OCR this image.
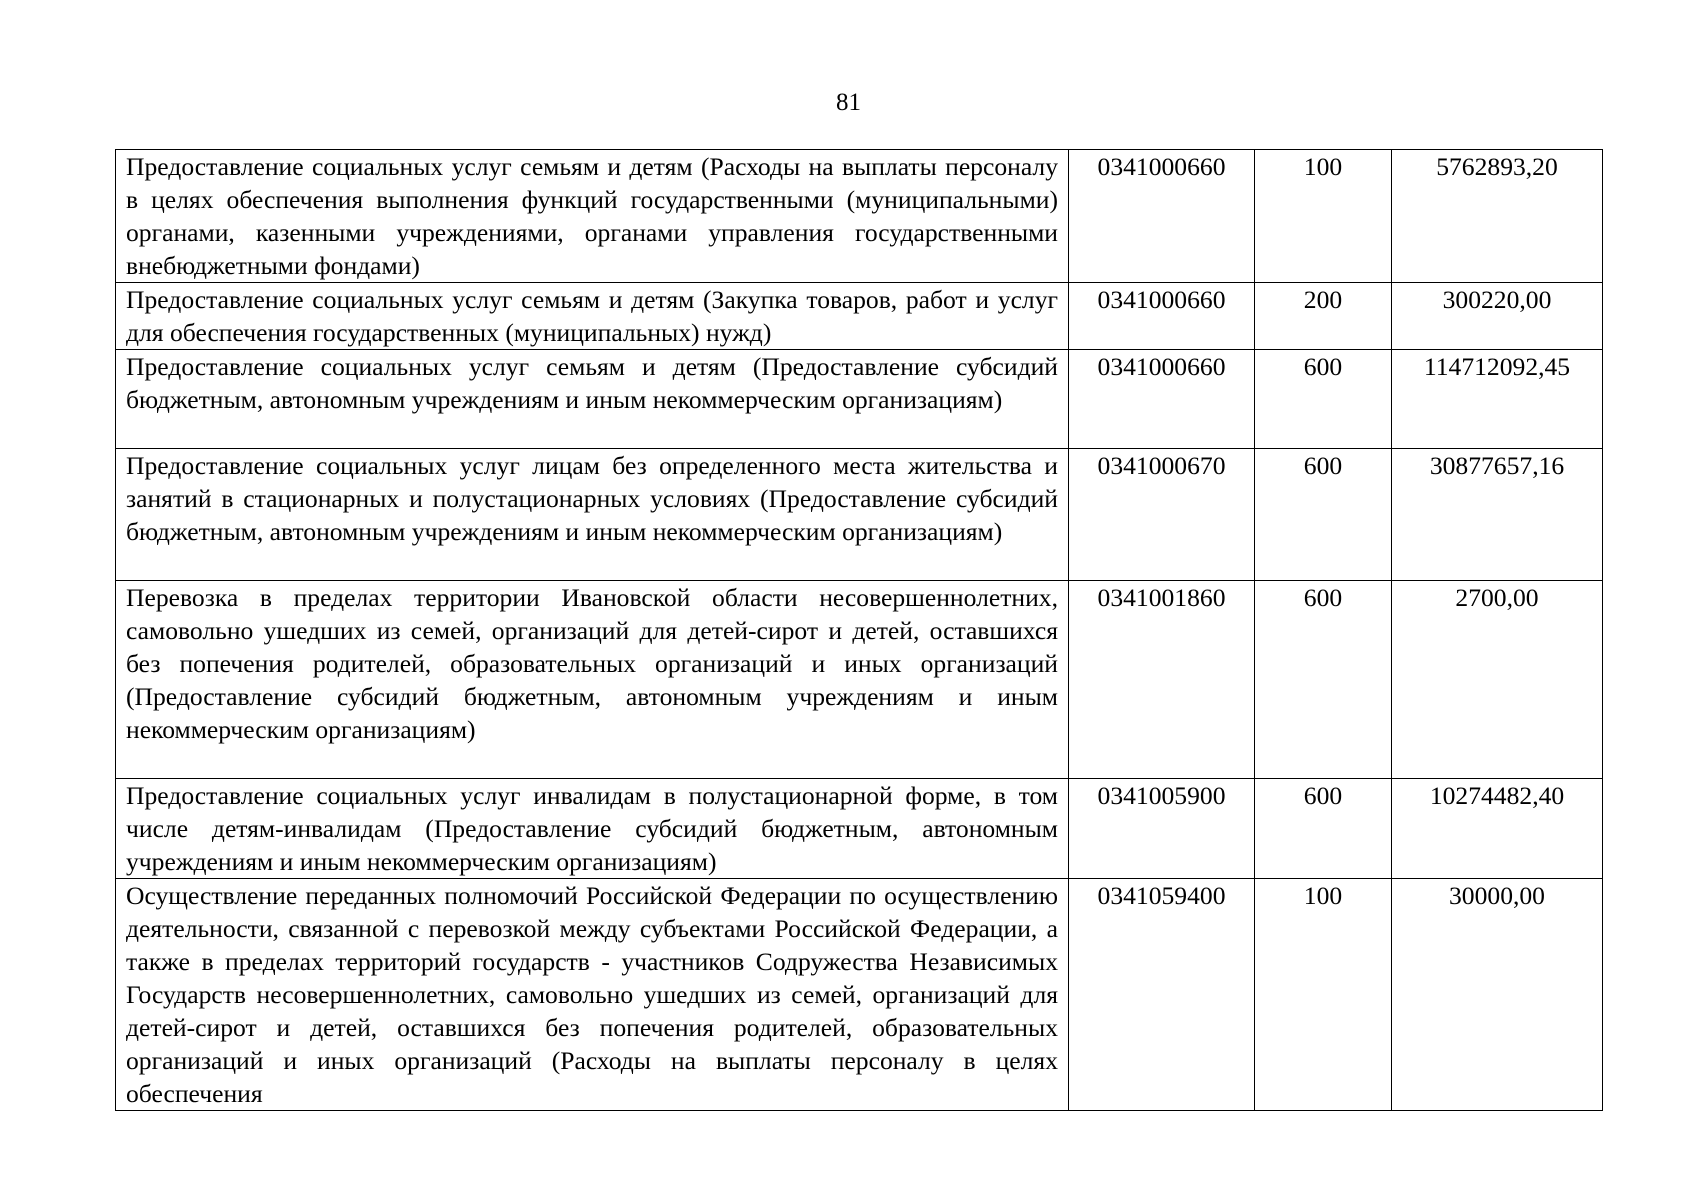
81
Предоставление социальных услуг семьям и детям (Расходы на выплаты персоналу в целях обеспечения выполнения функций государственными (муниципальными) органами, казенными учреждениями, органами управления государственными внебюджетными фондами)	0341000660	100	5762893,20
Предоставление социальных услуг семьям и детям (Закупка товаров, работ и услуг для обеспечения государственных (муниципальных) нужд)	0341000660	200	300220,00
Предоставление социальных услуг семьям и детям (Предоставление субсидий бюджетным, автономным учреждениям и иным некоммерческим организациям)	0341000660	600	114712092,45
Предоставление социальных услуг лицам без определенного места жительства и занятий в стационарных и полустационарных условиях (Предоставление субсидий бюджетным, автономным учреждениям и иным некоммерческим организациям)	0341000670	600	30877657,16
Перевозка в пределах территории Ивановской области несовершеннолетних, самовольно ушедших из семей, организаций для детей-сирот и детей, оставшихся без попечения родителей, образовательных организаций и иных организаций (Предоставление субсидий бюджетным, автономным учреждениям и иным некоммерческим организациям)	0341001860	600	2700,00
Предоставление социальных услуг инвалидам в полустационарной форме, в том числе детям-инвалидам (Предоставление субсидий бюджетным, автономным учреждениям и иным некоммерческим организациям)	0341005900	600	10274482,40
Осуществление переданных полномочий Российской Федерации по осуществлению деятельности, связанной с перевозкой между субъектами Российской Федерации, а также в пределах территорий государств - участников Содружества Независимых Государств несовершеннолетних, самовольно ушедших из семей, организаций для детей-сирот и детей, оставшихся без попечения родителей, образовательных организаций и иных организаций (Расходы на выплаты персоналу в целях обеспечения	0341059400	100	30000,00
